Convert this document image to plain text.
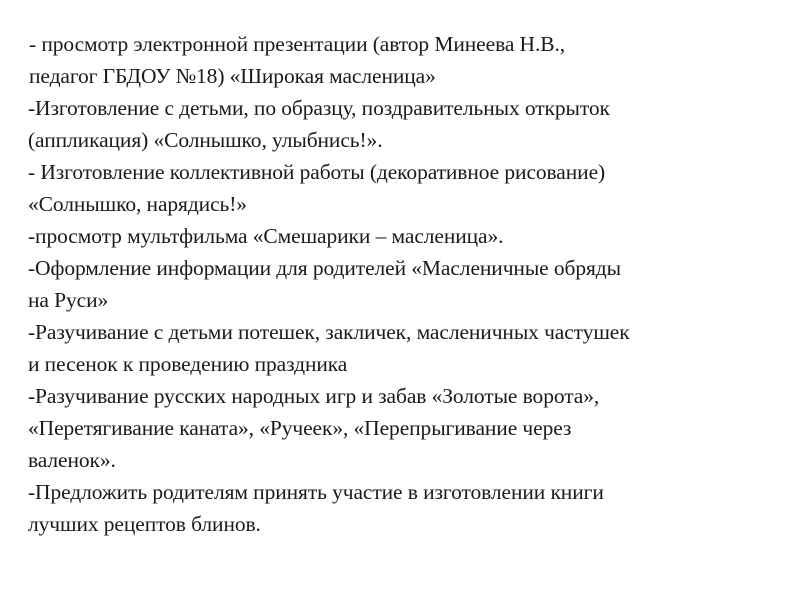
- просмотр электронной презентации (автор Минеева Н.В.,
педагог ГБДОУ №18) «Широкая масленица»

-Изготовление с детьми, по образцу, поздравительных открыток
(аппликация) «Солнышко, улыбнись!».

- Изготовление коллективной работы (декоративное рисование)
«Солнышко, нарядись!»

-просмотр мультфильма «Смешарики – масленица».

-Оформление информации для родителей «Масленичные обряды
на Руси»

-Разучивание с детьми потешек, закличек, масленичных частушек
и песенок к проведению праздника

-Разучивание русских народных игр и забав «Золотые ворота»,
«Перетягивание каната», «Ручеек», «Перепрыгивание через
валенок».

-Предложить родителям принять участие в изготовлении книги
лучших рецептов блинов.
